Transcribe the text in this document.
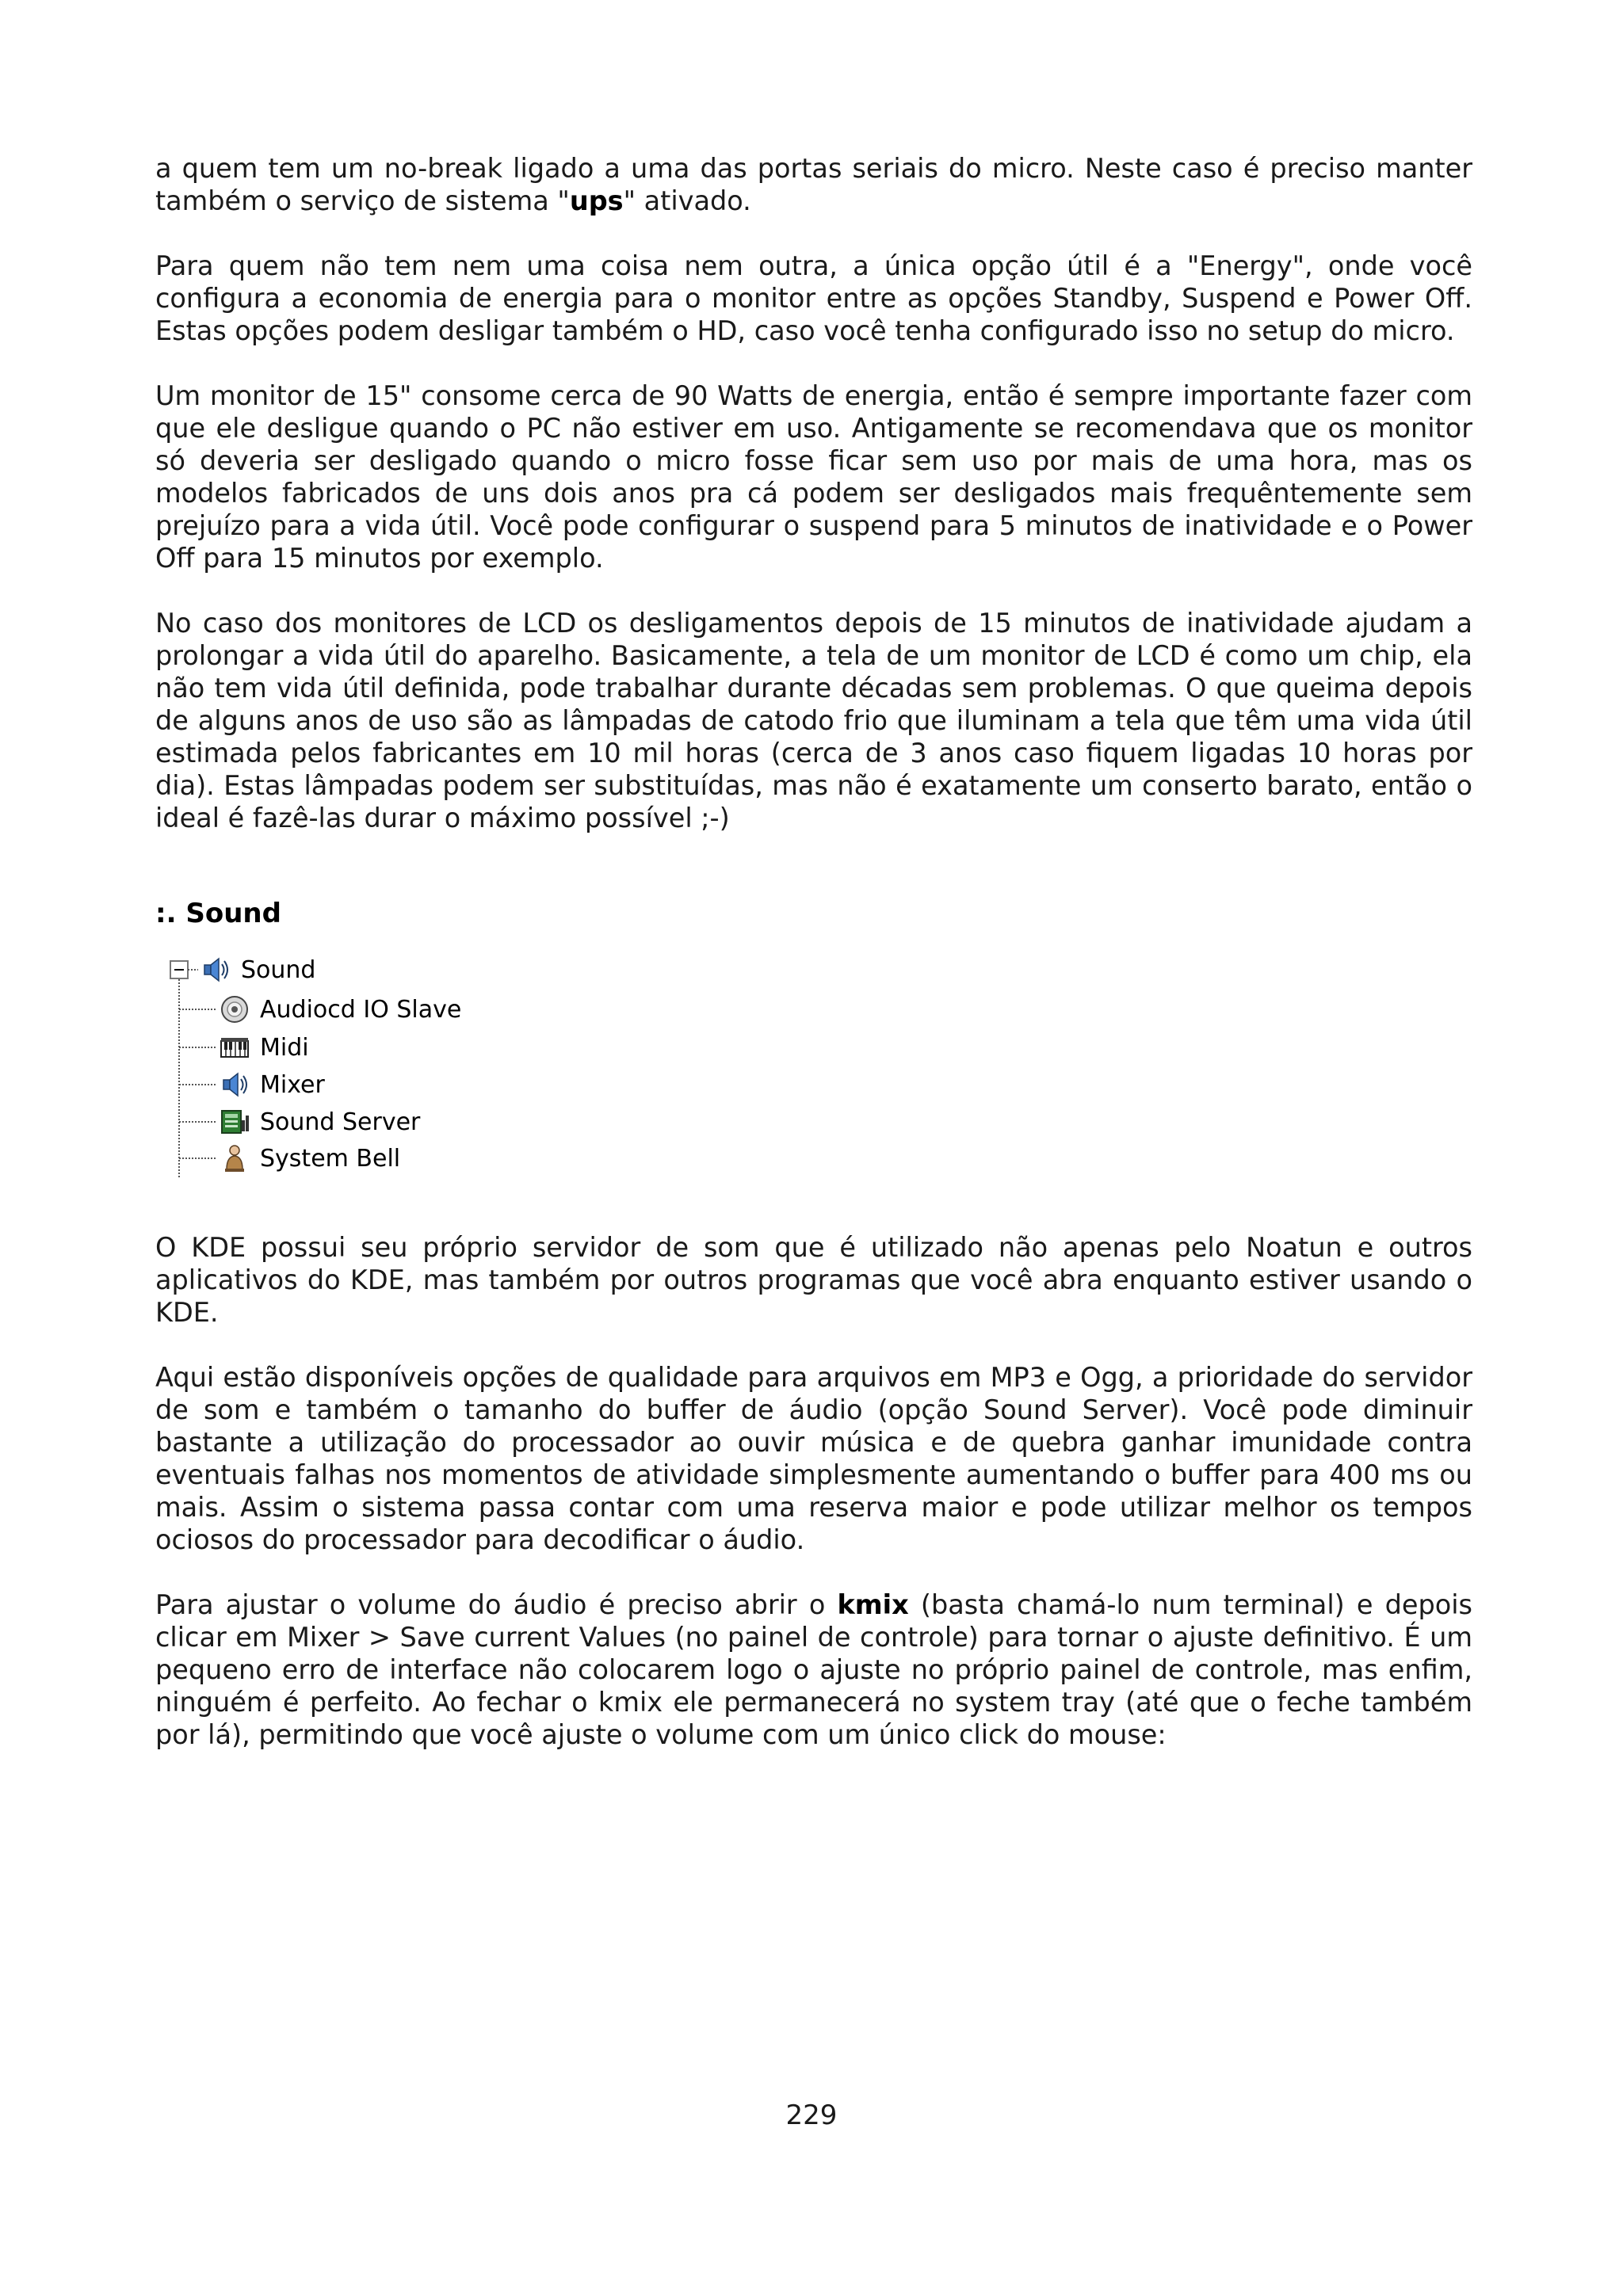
a quem tem um no-break ligado a uma das portas seriais do micro. Neste caso é preciso manter também o serviço de sistema "ups" ativado.

Para quem não tem nem uma coisa nem outra, a única opção útil é a "Energy", onde você configura a economia de energia para o monitor entre as opções Standby, Suspend e Power Off. Estas opções podem desligar também o HD, caso você tenha configurado isso no setup do micro.

Um monitor de 15" consome cerca de 90 Watts de energia, então é sempre importante fazer com que ele desligue quando o PC não estiver em uso. Antigamente se recomendava que os monitor só deveria ser desligado quando o micro fosse ficar sem uso por mais de uma hora, mas os modelos fabricados de uns dois anos pra cá podem ser desligados mais frequêntemente sem prejuízo para a vida útil. Você pode configurar o suspend para 5 minutos de inatividade e o Power Off para 15 minutos por exemplo.

No caso dos monitores de LCD os desligamentos depois de 15 minutos de inatividade ajudam a prolongar a vida útil do aparelho. Basicamente, a tela de um monitor de LCD é como um chip, ela não tem vida útil definida, pode trabalhar durante décadas sem problemas. O que queima depois de alguns anos de uso são as lâmpadas de catodo frio que iluminam a tela que têm uma vida útil estimada pelos fabricantes em 10 mil horas (cerca de 3 anos caso fiquem ligadas 10 horas por dia). Estas lâmpadas podem ser substituídas, mas não é exatamente um conserto barato, então o ideal é fazê-las durar o máximo possível ;-)

:. Sound
Sound
Audiocd IO Slave
Midi
Mixer
Sound Server
System Bell

O KDE possui seu próprio servidor de som que é utilizado não apenas pelo Noatun e outros aplicativos do KDE, mas também por outros programas que você abra enquanto estiver usando o KDE.

Aqui estão disponíveis opções de qualidade para arquivos em MP3 e Ogg, a prioridade do servidor de som e também o tamanho do buffer de áudio (opção Sound Server). Você pode diminuir bastante a utilização do processador ao ouvir música e de quebra ganhar imunidade contra eventuais falhas nos momentos de atividade simplesmente aumentando o buffer para 400 ms ou mais. Assim o sistema passa contar com uma reserva maior e pode utilizar melhor os tempos ociosos do processador para decodificar o áudio.

Para ajustar o volume do áudio é preciso abrir o kmix (basta chamá-lo num terminal) e depois clicar em Mixer > Save current Values (no painel de controle) para tornar o ajuste definitivo. É um pequeno erro de interface não colocarem logo o ajuste no próprio painel de controle, mas enfim, ninguém é perfeito. Ao fechar o kmix ele permanecerá no system tray (até que o feche também por lá), permitindo que você ajuste o volume com um único click do mouse:

229
